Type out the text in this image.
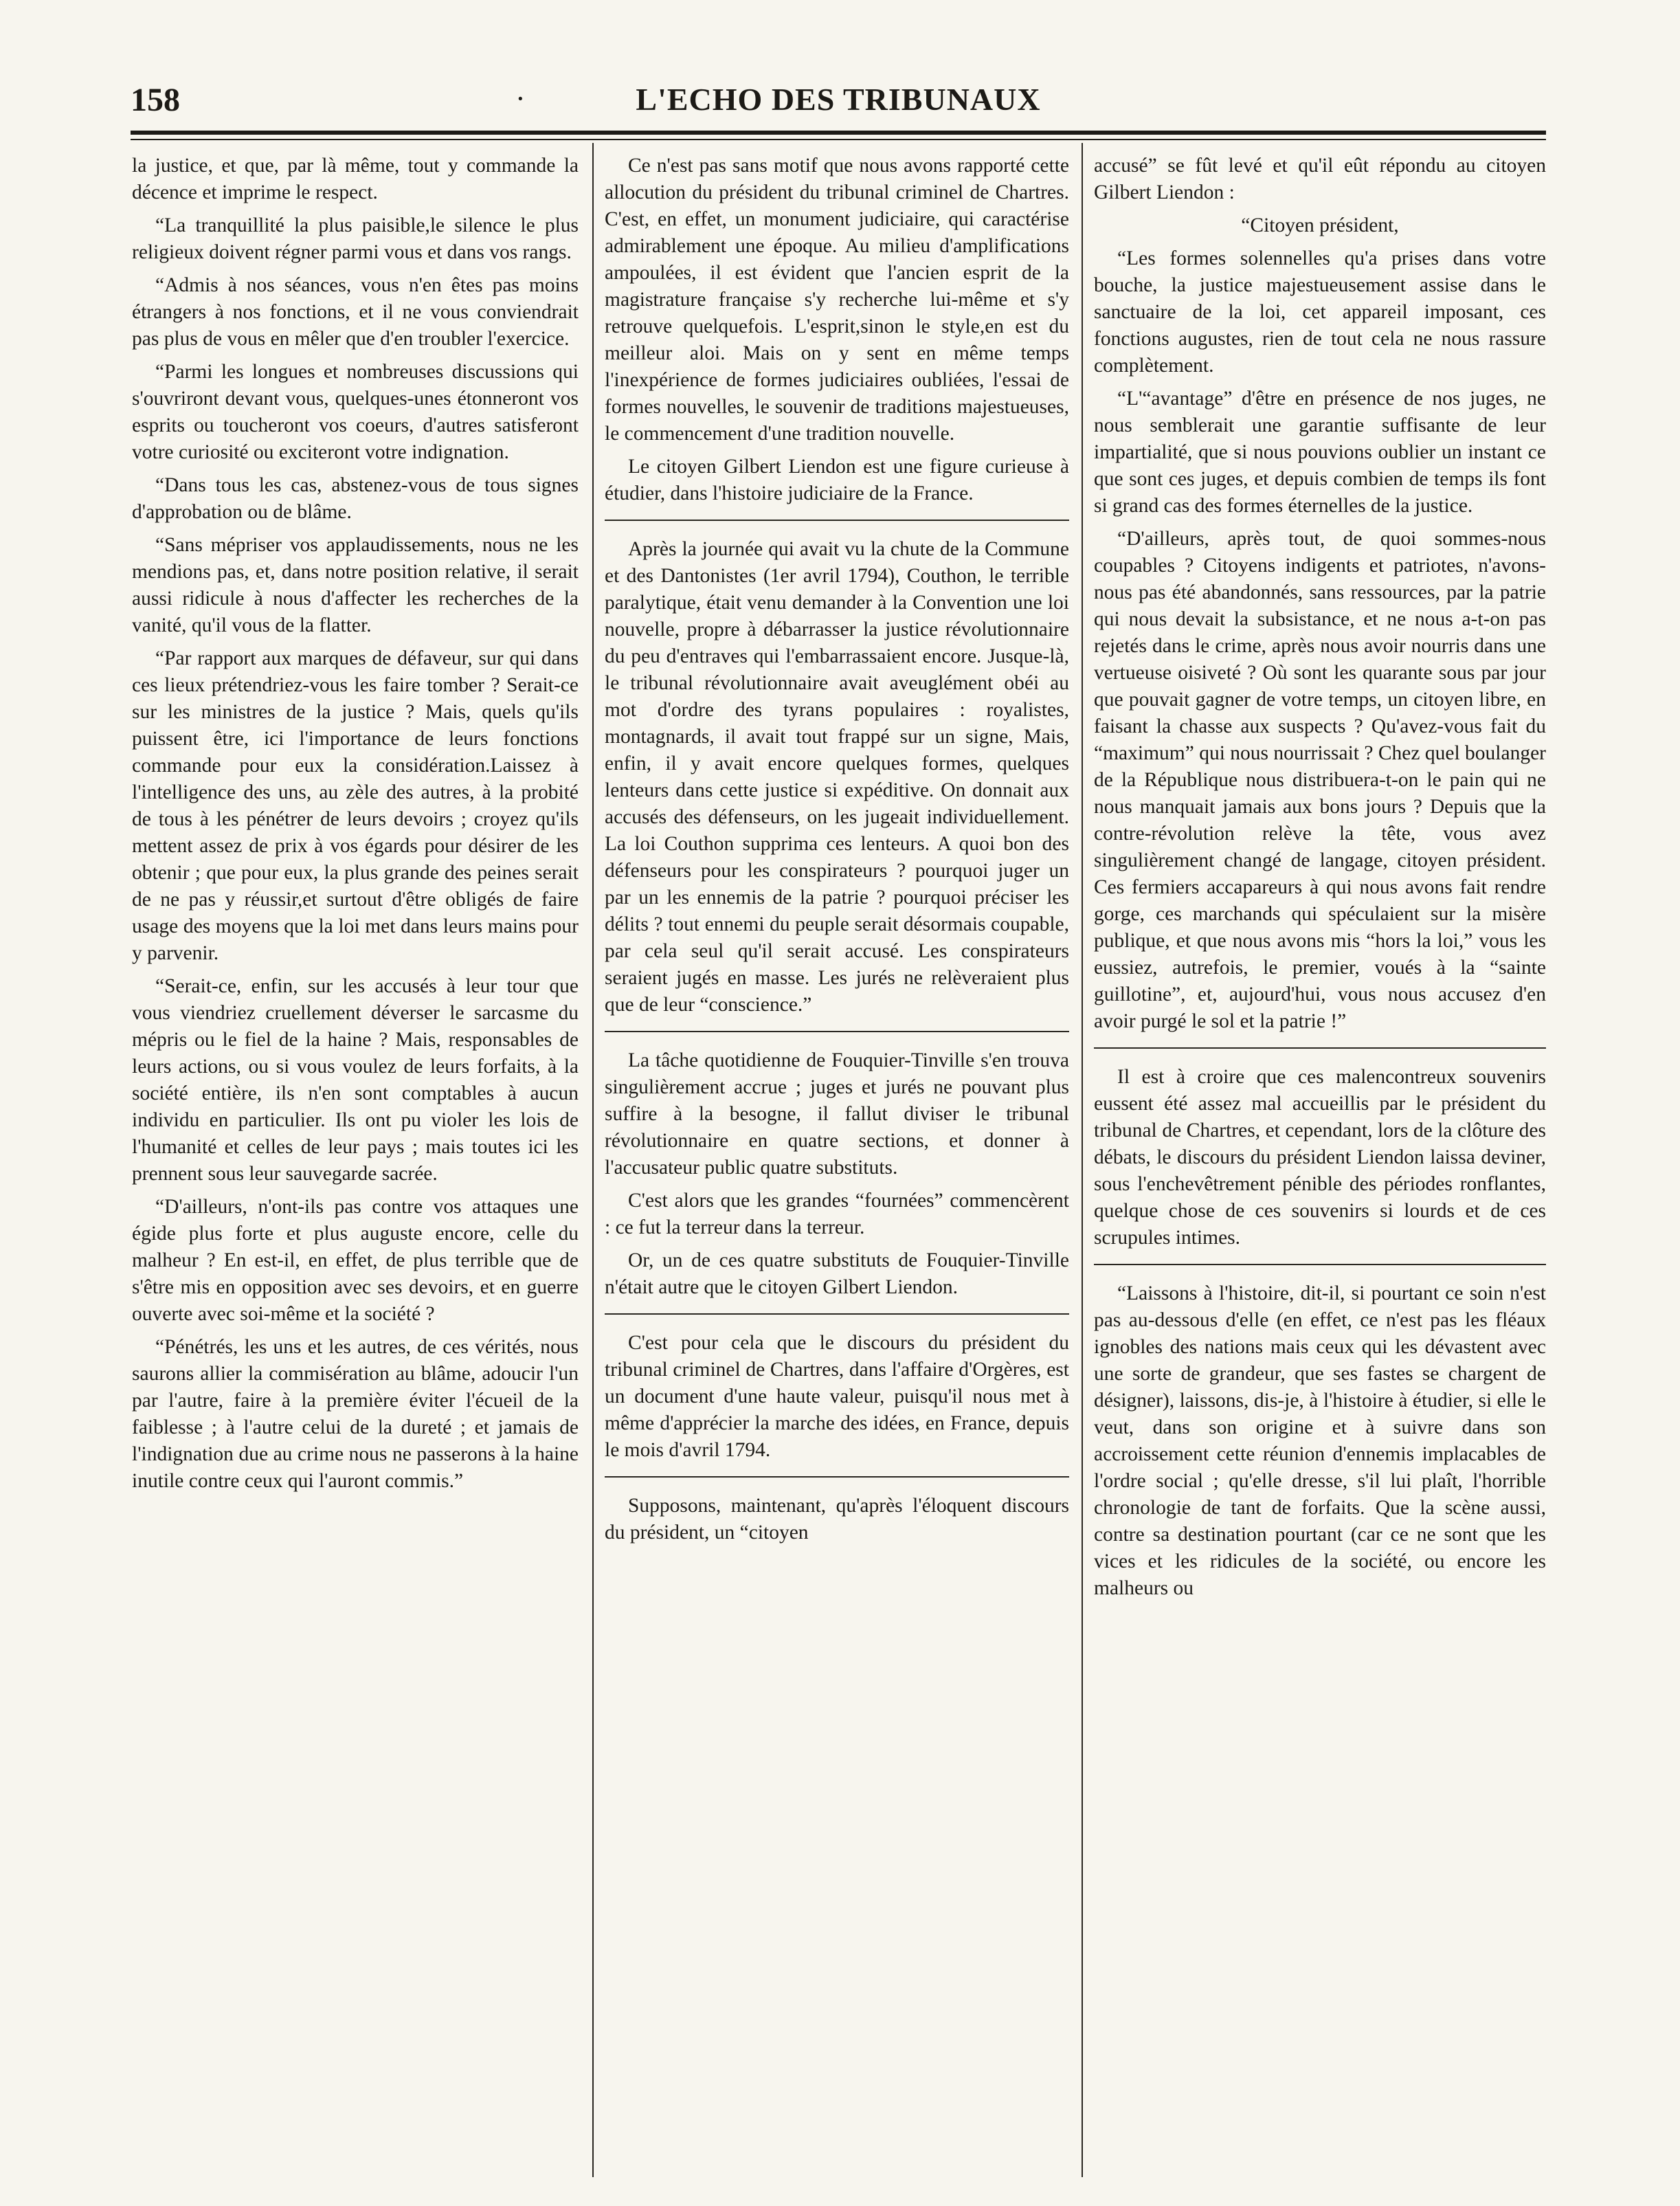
158	·	L'ECHO DES TRIBUNAUX

la justice, et que, par là même, tout y commande la décence et imprime le respect.

“La tranquillité la plus paisible,le silence le plus religieux doivent régner parmi vous et dans vos rangs.

“Admis à nos séances, vous n'en êtes pas moins étrangers à nos fonctions, et il ne vous conviendrait pas plus de vous en mêler que d'en troubler l'exercice.

“Parmi les longues et nombreuses discussions qui s'ouvriront devant vous, quelques-unes étonneront vos esprits ou toucheront vos coeurs, d'autres satisferont votre curiosité ou exciteront votre indignation.

“Dans tous les cas, abstenez-vous de tous signes d'approbation ou de blâme.

“Sans mépriser vos applaudissements, nous ne les mendions pas, et, dans notre position relative, il serait aussi ridicule à nous d'affecter les recherches de la vanité, qu'il vous de la flatter.

“Par rapport aux marques de défaveur, sur qui dans ces lieux prétendriez-vous les faire tomber ? Serait-ce sur les ministres de la justice ? Mais, quels qu'ils puissent être, ici l'importance de leurs fonctions commande pour eux la considération.Laissez à l'intelligence des uns, au zèle des autres, à la probité de tous à les pénétrer de leurs devoirs ; croyez qu'ils mettent assez de prix à vos égards pour désirer de les obtenir ; que pour eux, la plus grande des peines serait de ne pas y réussir,et surtout d'être obligés de faire usage des moyens que la loi met dans leurs mains pour y parvenir.

“Serait-ce, enfin, sur les accusés à leur tour que vous viendriez cruellement déverser le sarcasme du mépris ou le fiel de la haine ? Mais, responsables de leurs actions, ou si vous voulez de leurs forfaits, à la société entière, ils n'en sont comptables à aucun individu en particulier. Ils ont pu violer les lois de l'humanité et celles de leur pays ; mais toutes ici les prennent sous leur sauvegarde sacrée.

“D'ailleurs, n'ont-ils pas contre vos attaques une égide plus forte et plus auguste encore, celle du malheur ? En est-il, en effet, de plus terrible que de s'être mis en opposition avec ses devoirs, et en guerre ouverte avec soi-même et la société ?

“Pénétrés, les uns et les autres, de ces vérités, nous saurons allier la commisération au blâme, adoucir l'un par l'autre, faire à la première éviter l'écueil de la faiblesse ; à l'autre celui de la dureté ; et jamais de l'indignation due au crime nous ne passerons à la haine inutile contre ceux qui l'auront commis.”

Ce n'est pas sans motif que nous avons rapporté cette allocution du président du tribunal criminel de Chartres. C'est, en effet, un monument judiciaire, qui caractérise admirablement une époque. Au milieu d'amplifications ampoulées, il est évident que l'ancien esprit de la magistrature française s'y recherche lui-même et s'y retrouve quelquefois. L'esprit,sinon le style,en est du meilleur aloi. Mais on y sent en même temps l'inexpérience de formes judiciaires oubliées, l'essai de formes nouvelles, le souvenir de traditions majestueuses, le commencement d'une tradition nouvelle.

Le citoyen Gilbert Liendon est une figure curieuse à étudier, dans l'histoire judiciaire de la France.

Après la journée qui avait vu la chute de la Commune et des Dantonistes (1er avril 1794), Couthon, le terrible paralytique, était venu demander à la Convention une loi nouvelle, propre à débarrasser la justice révolutionnaire du peu d'entraves qui l'embarrassaient encore. Jusque-là, le tribunal révolutionnaire avait aveuglément obéi au mot d'ordre des tyrans populaires : royalistes, montagnards, il avait tout frappé sur un signe, Mais, enfin, il y avait encore quelques formes, quelques lenteurs dans cette justice si expéditive. On donnait aux accusés des défenseurs, on les jugeait individuellement. La loi Couthon supprima ces lenteurs. A quoi bon des défenseurs pour les conspirateurs ? pourquoi juger un par un les ennemis de la patrie ? pourquoi préciser les délits ? tout ennemi du peuple serait désormais coupable, par cela seul qu'il serait accusé. Les conspirateurs seraient jugés en masse. Les jurés ne relèveraient plus que de leur “conscience.”

La tâche quotidienne de Fouquier-Tinville s'en trouva singulièrement accrue ; juges et jurés ne pouvant plus suffire à la besogne, il fallut diviser le tribunal révolutionnaire en quatre sections, et donner à l'accusateur public quatre substituts.

C'est alors que les grandes “fournées” commencèrent : ce fut la terreur dans la terreur.

Or, un de ces quatre substituts de Fouquier-Tinville n'était autre que le citoyen Gilbert Liendon.

C'est pour cela que le discours du président du tribunal criminel de Chartres, dans l'affaire d'Orgères, est un document d'une haute valeur, puisqu'il nous met à même d'apprécier la marche des idées, en France, depuis le mois d'avril 1794.

Supposons, maintenant, qu'après l'éloquent discours du président, un “citoyen

accusé” se fût levé et qu'il eût répondu au citoyen Gilbert Liendon :

“Citoyen président,

“Les formes solennelles qu'a prises dans votre bouche, la justice majestueusement assise dans le sanctuaire de la loi, cet appareil imposant, ces fonctions augustes, rien de tout cela ne nous rassure complètement.

“L'“avantage” d'être en présence de nos juges, ne nous semblerait une garantie suffisante de leur impartialité, que si nous pouvions oublier un instant ce que sont ces juges, et depuis combien de temps ils font si grand cas des formes éternelles de la justice.

“D'ailleurs, après tout, de quoi sommes-nous coupables ? Citoyens indigents et patriotes, n'avons-nous pas été abandonnés, sans ressources, par la patrie qui nous devait la subsistance, et ne nous a-t-on pas rejetés dans le crime, après nous avoir nourris dans une vertueuse oisiveté ? Où sont les quarante sous par jour que pouvait gagner de votre temps, un citoyen libre, en faisant la chasse aux suspects ? Qu'avez-vous fait du “maximum” qui nous nourrissait ? Chez quel boulanger de la République nous distribuera-t-on le pain qui ne nous manquait jamais aux bons jours ? Depuis que la contre-révolution relève la tête, vous avez singulièrement changé de langage, citoyen président. Ces fermiers accapareurs à qui nous avons fait rendre gorge, ces marchands qui spéculaient sur la misère publique, et que nous avons mis “hors la loi,” vous les eussiez, autrefois, le premier, voués à la “sainte guillotine”, et, aujourd'hui, vous nous accusez d'en avoir purgé le sol et la patrie !”

Il est à croire que ces malencontreux souvenirs eussent été assez mal accueillis par le président du tribunal de Chartres, et cependant, lors de la clôture des débats, le discours du président Liendon laissa deviner, sous l'enchevêtrement pénible des périodes ronflantes, quelque chose de ces souvenirs si lourds et de ces scrupules intimes.

“Laissons à l'histoire, dit-il, si pourtant ce soin n'est pas au-dessous d'elle (en effet, ce n'est pas les fléaux ignobles des nations mais ceux qui les dévastent avec une sorte de grandeur, que ses fastes se chargent de désigner), laissons, dis-je, à l'histoire à étudier, si elle le veut, dans son origine et à suivre dans son accroissement cette réunion d'ennemis implacables de l'ordre social ; qu'elle dresse, s'il lui plaît, l'horrible chronologie de tant de forfaits. Que la scène aussi, contre sa destination pourtant (car ce ne sont que les vices et les ridicules de la société, ou encore les malheurs ou
